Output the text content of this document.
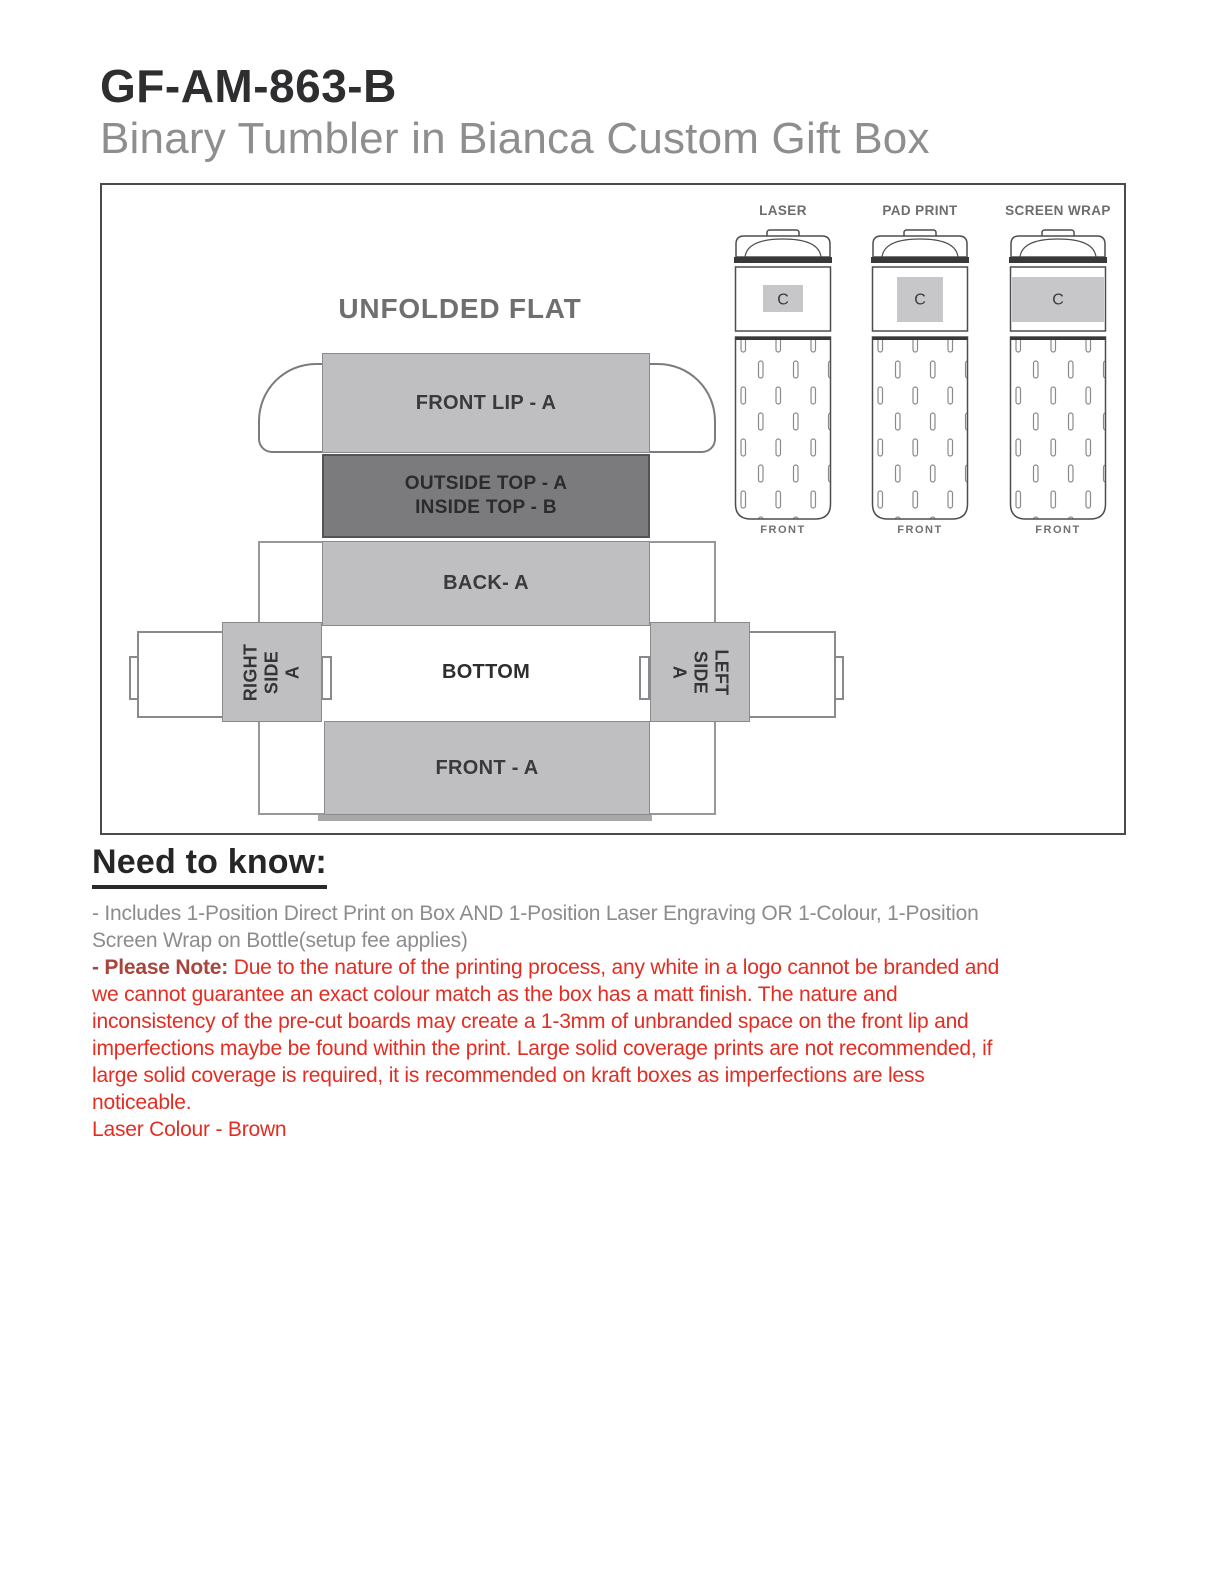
GF-AM-863-B
Binary Tumbler in Bianca Custom Gift Box
UNFOLDED FLAT
FRONT LIP - A
OUTSIDE TOP - A
INSIDE TOP - B
BACK- A
RIGHT SIDE A	BOTTOM	LEFT
SIDE
A
FRONT - A
LASER
C
FRONT
PAD PRINT
C
FRONT
SCREEN WRAP
C
FRONT
Need to know:
- Includes 1-Position Direct Print on Box AND 1-Position Laser Engraving OR 1-Colour, 1-Position
Screen Wrap on Bottle(setup fee applies)
- Please Note: Due to the nature of the printing process, any white in a logo cannot be branded and
we cannot guarantee an exact colour match as the box has a matt finish. The nature and
inconsistency of the pre-cut boards may create a 1-3mm of unbranded space on the front lip and
imperfections maybe be found within the print. Large solid coverage prints are not recommended, if
large solid coverage is required, it is recommended on kraft boxes as imperfections are less
noticeable.
Laser Colour - Brown
